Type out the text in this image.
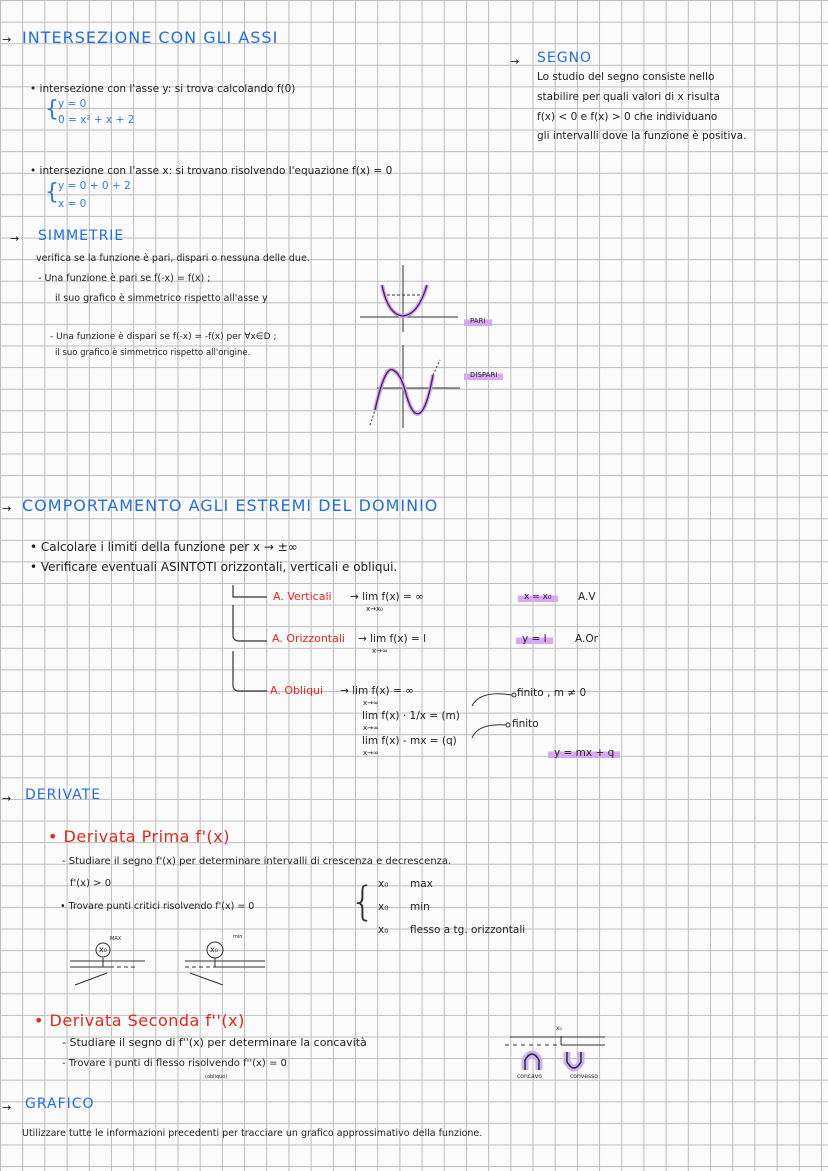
→ INTERSEZIONE CON GLI ASSI
• intersezione con l'asse y: si trova calcolando f(0)
{ y = 0
0 = x² + x + 2
• intersezione con l'asse x: si trovano risolvendo l'equazione f(x) = 0
{ y = 0 + 0 + 2
x = 0
→ SEGNO
Lo studio del segno consiste nello
stabilire per quali valori di x risulta
f(x) < 0 e f(x) > 0 che individuano
gli intervalli dove la funzione è positiva.
→ SIMMETRIE
verifica se la funzione è pari, dispari o nessuna delle due.
- Una funzione è pari se f(-x) = f(x) ;
il suo grafico è simmetrico rispetto all'asse y
- Una funzione è dispari se f(-x) = -f(x) per ∀x∈D ;
il suo grafico è simmetrico rispetto all'origine.
PARI
DISPARI
→ COMPORTAMENTO AGLI ESTREMI DEL DOMINIO
• Calcolare i limiti della funzione per x → ±∞
• Verificare eventuali ASINTOTI orizzontali, verticali e obliqui.
A. Verticali → lim f(x) = ∞
x→x₀
x = x₀	A.V
A. Orizzontali → lim f(x) = l
x→∞
y = l	A.Or
A. Obliqui → lim f(x) = ∞
x→∞
lim f(x) · 1/x = (m)
x→∞
lim f(x) - mx = (q)
x→∞
finito , m ≠ 0
finito
y = mx + q
→ DERIVATE
• Derivata Prima f'(x)
- Studiare il segno f'(x) per determinare intervalli di crescenza e decrescenza.
f'(x) > 0
• Trovare punti critici risolvendo f'(x) = 0 { x₀ max
x₀ min
x₀ flesso a tg. orizzontali
x₀
MAX
x₀
min
• Derivata Seconda f''(x)
- Studiare il segno di f''(x) per determinare la concavità
- Trovare i punti di flesso risolvendo f''(x) = 0
(obliquo)
x₀
concavo	convesso
→ GRAFICO
Utilizzare tutte le informazioni precedenti per tracciare un grafico approssimativo della funzione.
